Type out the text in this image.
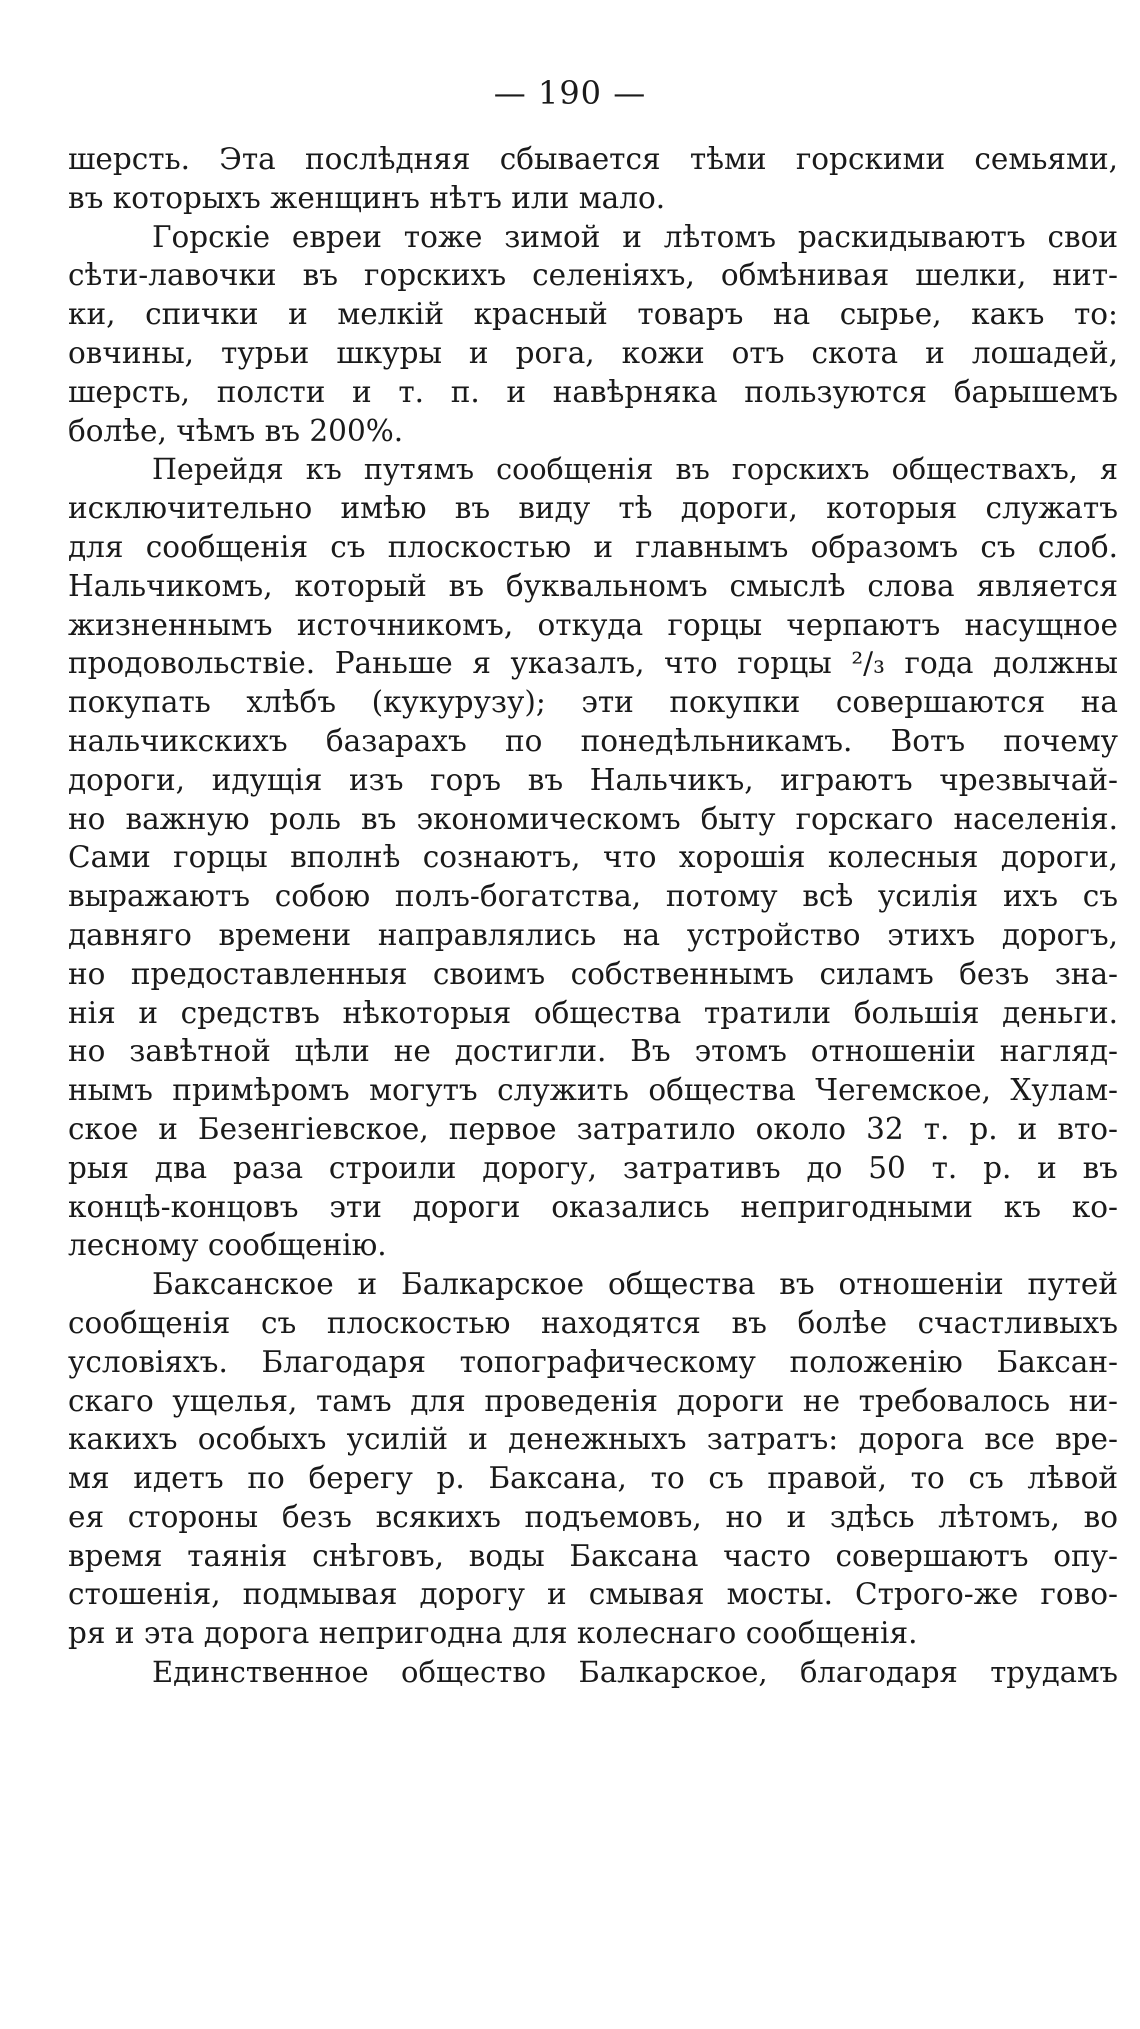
— 190 —
шерсть. Эта послѣдняя сбывается тѣми горскими семьями,
въ которыхъ женщинъ нѣтъ или мало.
Горскіе евреи тоже зимой и лѣтомъ раскидываютъ свои
сѣти-лавочки въ горскихъ селеніяхъ, обмѣнивая шелки, нит-
ки, спички и мелкій красный товаръ на сырье, какъ то:
овчины, турьи шкуры и рога, кожи отъ скота и лошадей,
шерсть, полсти и т. п. и навѣрняка пользуются барышемъ
болѣе, чѣмъ въ 200%.
Перейдя къ путямъ сообщенія въ горскихъ обществахъ, я
исключительно имѣю въ виду тѣ дороги, которыя служатъ
для сообщенія съ плоскостью и главнымъ образомъ съ слоб.
Нальчикомъ, который въ буквальномъ смыслѣ слова является
жизненнымъ источникомъ, откуда горцы черпаютъ насущное
продовольствіе. Раньше я указалъ, что горцы ²/₃ года должны
покупать хлѣбъ (кукурузу); эти покупки совершаются на
нальчикскихъ базарахъ по понедѣльникамъ. Вотъ почему
дороги, идущія изъ горъ въ Нальчикъ, играютъ чрезвычай-
но важную роль въ экономическомъ быту горскаго населенія.
Сами горцы вполнѣ сознаютъ, что хорошія колесныя дороги,
выражаютъ собою полъ-богатства, потому всѣ усилія ихъ съ
давняго времени направлялись на устройство этихъ дорогъ,
но предоставленныя своимъ собственнымъ силамъ безъ зна-
нія и средствъ нѣкоторыя общества тратили большія деньги.
но завѣтной цѣли не достигли. Въ этомъ отношеніи нагляд-
нымъ примѣромъ могутъ служить общества Чегемское, Хулам-
ское и Безенгіевское, первое затратило около 32 т. р. и вто-
рыя два раза строили дорогу, затративъ до 50 т. р. и въ
концѣ-концовъ эти дороги оказались непригодными къ ко-
лесному сообщенію.
Баксанское и Балкарское общества въ отношеніи путей
сообщенія съ плоскостью находятся въ болѣе счастливыхъ
условіяхъ. Благодаря топографическому положенію Баксан-
скаго ущелья, тамъ для проведенія дороги не требовалось ни-
какихъ особыхъ усилій и денежныхъ затратъ: дорога все вре-
мя идетъ по берегу р. Баксана, то съ правой, то съ лѣвой
ея стороны безъ всякихъ подъемовъ, но и здѣсь лѣтомъ, во
время таянія снѣговъ, воды Баксана часто совершаютъ опу-
стошенія, подмывая дорогу и смывая мосты. Строго-же гово-
ря и эта дорога непригодна для колеснаго сообщенія.
Единственное общество Балкарское, благодаря трудамъ
